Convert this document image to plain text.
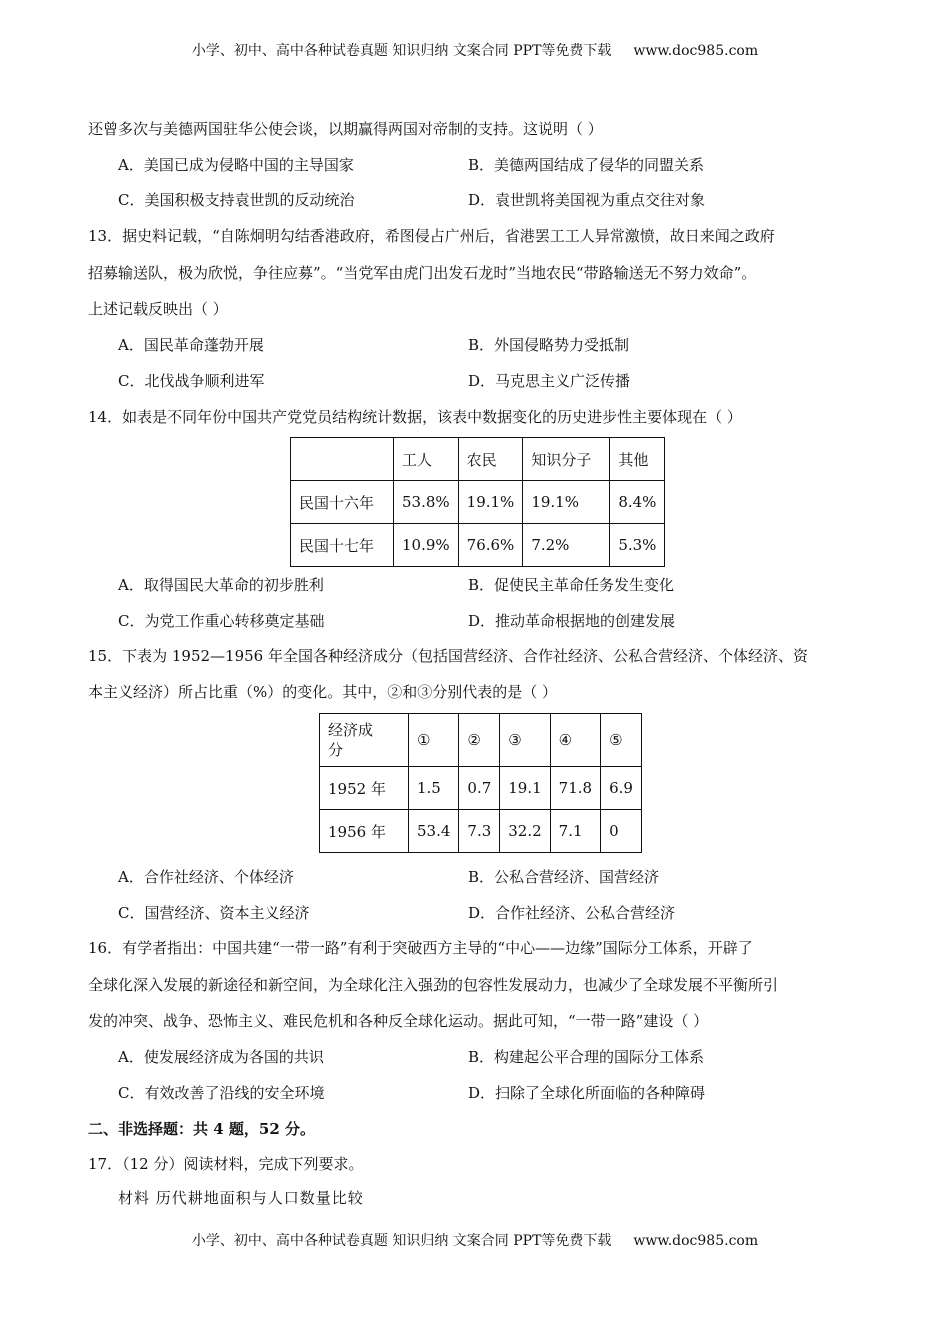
小学、初中、高中各种试卷真题 知识归纳 文案合同 PPT等免费下载 www.doc985.com
还曾多次与美德两国驻华公使会谈，以期赢得两国对帝制的支持。这说明（ ）
A．美国已成为侵略中国的主导国家	B．美德两国结成了侵华的同盟关系
C．美国积极支持袁世凯的反动统治	D．袁世凯将美国视为重点交往对象
13．据史料记载，“自陈炯明勾结香港政府，希图侵占广州后，省港罢工工人异常激愤，故日来闻之政府
招募输送队，极为欣悦，争往应募”。“当党军由虎门出发石龙时”当地农民“带路输送无不努力效命”。
上述记载反映出（ ）
A．国民革命蓬勃开展	B．外国侵略势力受抵制
C．北伐战争顺利进军	D．马克思主义广泛传播
14．如表是不同年份中国共产党党员结构统计数据，该表中数据变化的历史进步性主要体现在（ ）
	工人	农民	知识分子	其他
民国十六年	53.8%	19.1%	19.1%	8.4%
民国十七年	10.9%	76.6%	7.2%	5.3%
A．取得国民大革命的初步胜利	B．促使民主革命任务发生变化
C．为党工作重心转移奠定基础	D．推动革命根据地的创建发展
15．下表为 1952—1956 年全国各种经济成分（包括国营经济、合作社经济、公私合营经济、个体经济、资
本主义经济）所占比重（%）的变化。其中，②和③分别代表的是（ ）
经济成
分	①	②	③	④	⑤
1952 年	1.5	0.7	19.1	71.8	6.9
1956 年	53.4	7.3	32.2	7.1	0
A．合作社经济、个体经济	B．公私合营经济、国营经济
C．国营经济、资本主义经济	D．合作社经济、公私合营经济
16．有学者指出：中国共建“一带一路”有利于突破西方主导的“中心——边缘”国际分工体系，开辟了
全球化深入发展的新途径和新空间，为全球化注入强劲的包容性发展动力，也减少了全球发展不平衡所引
发的冲突、战争、恐怖主义、难民危机和各种反全球化运动。据此可知，“一带一路”建设（ ）
A．使发展经济成为各国的共识	B．构建起公平合理的国际分工体系
C．有效改善了沿线的安全环境	D．扫除了全球化所面临的各种障碍
二、非选择题：共 4 题，52 分。
17．（12 分）阅读材料，完成下列要求。
材料 历代耕地面积与人口数量比较
小学、初中、高中各种试卷真题 知识归纳 文案合同 PPT等免费下载 www.doc985.com
